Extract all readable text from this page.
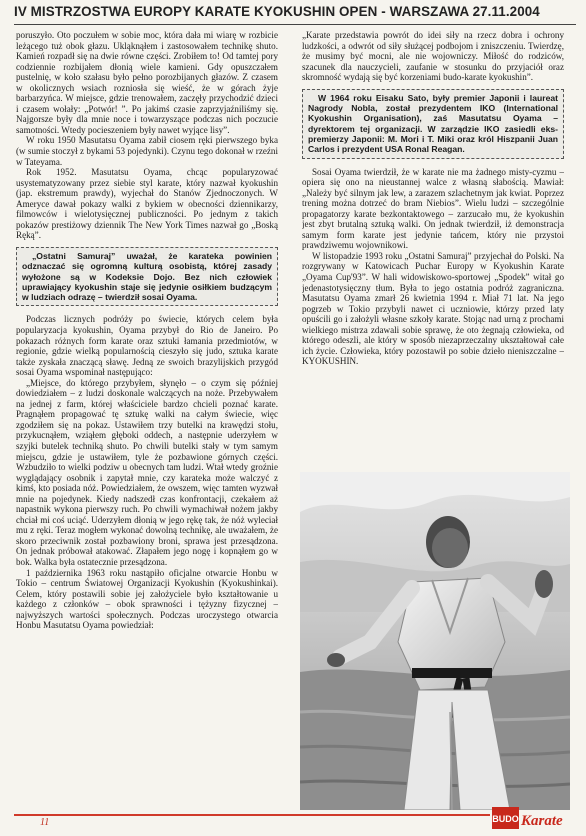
IV MISTRZOSTWA EUROPY KARATE KYOKUSHIN OPEN - WARSZAWA 27.11.2004

poruszyło. Oto poczułem w sobie moc, która dała mi wiarę w rozbicie leżącego tuż obok głazu. Ukląknąłem i zastosowałem technikę shuto. Kamień rozpadł się na dwie równe części. Zrobiłem to! Od tamtej pory codziennie rozbijałem dłonią wiele kamieni. Gdy opuszczałem pustelnię, w koło szałasu było pełno porozbijanych głazów. Z czasem w okolicznych wsiach rozniosła się wieść, że w górach żyje barbarzyńca. W miejsce, gdzie trenowałem, zaczęły przychodzić dzieci i czasem wołały: „Potwór! ”. Po jakimś czasie zaprzyjaźniliśmy się. Najgorsze były dla mnie noce i towarzyszące podczas nich poczucie samotności. Wtedy pocieszeniem były nawet wyjące lisy”.

W roku 1950 Masutatsu Oyama zabił ciosem ręki pierwszego byka (w sumie stoczył z bykami 53 pojedynki). Czynu tego dokonał w rzeźni w Tateyama.

Rok 1952. Masutatsu Oyama, chcąc popularyzować usystematyzowany przez siebie styl karate, który nazwał kyokushin (jap. ekstremum prawdy), wyjechał do Stanów Zjednoczonych. W Ameryce dawał pokazy walki z bykiem w obecności dziennikarzy, filmowców i wielotysięcznej publiczności. Po jednym z takich pokazów prestiżowy dziennik The New York Times nazwał go „Boską Ręką”.

„Ostatni Samuraj” uważał, że karateka powinien odznaczać się ogromną kulturą osobistą, której zasady wyłożone są w Kodeksie Dojo. Bez nich człowiek uprawiający kyokushin staje się jedynie osiłkiem budzącym w ludziach odrazę – twierdził sosai Oyama.

Podczas licznych podróży po świecie, których celem była popularyzacja kyokushin, Oyama przybył do Rio de Janeiro. Po pokazach różnych form karate oraz sztuki łamania przedmiotów, w regionie, gdzie wielką popularnością cieszyło się judo, sztuka karate także zyskała znaczącą sławę. Jedną ze swoich brazylijskich przygód sosai Oyama wspominał następująco:

„Miejsce, do którego przybyłem, słynęło – o czym się później dowiedziałem – z ludzi doskonale walczących na noże. Przebywałem na jednej z farm, której właściciele bardzo chcieli poznać karate. Pragnąłem propagować tę sztukę walki na całym świecie, więc zgodziłem się na pokaz. Ustawiłem trzy butelki na krawędzi stołu, przykucnąłem, wziąłem głęboki oddech, a następnie uderzyłem w szyjki butelek techniką shuto. Po chwili butelki stały w tym samym miejscu, gdzie je ustawiłem, tyle że pozbawione górnych części. Wzbudziło to wielki podziw u obecnych tam ludzi. Wtał wtedy groźnie wyglądający osobnik i zapytał mnie, czy karateka może walczyć z kimś, kto posiada nóż. Powiedziałem, że owszem, więc tamten wyzwał mnie na pojedynek. Kiedy nadszedł czas konfrontacji, czekałem aż napastnik wykona pierwszy ruch. Po chwili wymachiwał nożem jakby chciał mi coś uciąć. Uderzyłem dłonią w jego rękę tak, że nóż wyleciał mu z ręki. Teraz mogłem wykonać dowolną technikę, ale uważałem, że skoro przeciwnik został pozbawiony broni, sprawa jest przesądzona. On jednak próbował atakować. Złapałem jego nogę i kopnąłem go w bok. Walka była ostatecznie przesądzona.

1 października 1963 roku nastąpiło oficjalne otwarcie Honbu w Tokio – centrum Światowej Organizacji Kyokushin (Kyokushinkai). Celem, który postawili sobie jej założyciele było kształtowanie u każdego z członków – obok sprawności i tężyzny fizycznej – najwyższych wartości społecznych. Podczas uroczystego otwarcia Honbu Masutatsu Oyama powiedział:

„Karate przedstawia powrót do idei siły na rzecz dobra i ochrony ludzkości, a odwrót od siły służącej podbojom i zniszczeniu. Twierdzę, że musimy być mocni, ale nie wojowniczy. Miłość do rodziców, szacunek dla nauczycieli, zaufanie w stosunku do przyjaciół oraz skromność wydają się być korzeniami budo-karate kyokushin”.

W 1964 roku Eisaku Sato, były premier Japonii i laureat Nagrody Nobla, został prezydentem IKO (International Kyokushin Organisation), zaś Masutatsu Oyama – dyrektorem tej organizacji. W zarządzie IKO zasiedli eks-premierzy Japonii: M. Mori i T. Miki oraz król Hiszpanii Juan Carlos i prezydent USA Ronal Reagan.

Sosai Oyama twierdził, że w karate nie ma żadnego misty-cyzmu – opiera się ono na nieustannej walce z własną słabością. Mawiał: „Należy być silnym jak lew, a zarazem szlachetnym jak kwiat. Poprzez trening można dotrzeć do bram Niebios”. Wielu ludzi – szczególnie propagatorzy karate bezkontaktowego – zarzucało mu, że kyokushin jest zbyt brutalną sztuką walki. On jednak twierdził, iż demonstracja samym form karate jest jedynie tańcem, który nie przystoi prawdziwemu wojownikowi.

W listopadzie 1993 roku „Ostatni Samuraj” przyjechał do Polski. Na rozgrywany w Katowicach Puchar Europy w Kyokushin Karate „Oyama Cup'93”. W hali widowiskowo-sportowej „Spodek” witał go jedenastotysięczny tłum. Była to jego ostatnia podróż zagraniczna. Masutatsu Oyama zmarł 26 kwietnia 1994 r. Miał 71 lat. Na jego pogrzeb w Tokio przybyli nawet ci uczniowie, którzy przed laty opuścili go i założyli własne szkoły karate. Stojąc nad urną z prochami wielkiego mistrza zdawali sobie sprawę, że oto żegnają człowieka, od którego odeszli, ale który w sposób niezaprzeczalny ukształtował całe ich życie. Człowieka, który pozostawił po sobie dzieło nieniszczalne – KYOKUSHIN.

11	BUDO Karate
